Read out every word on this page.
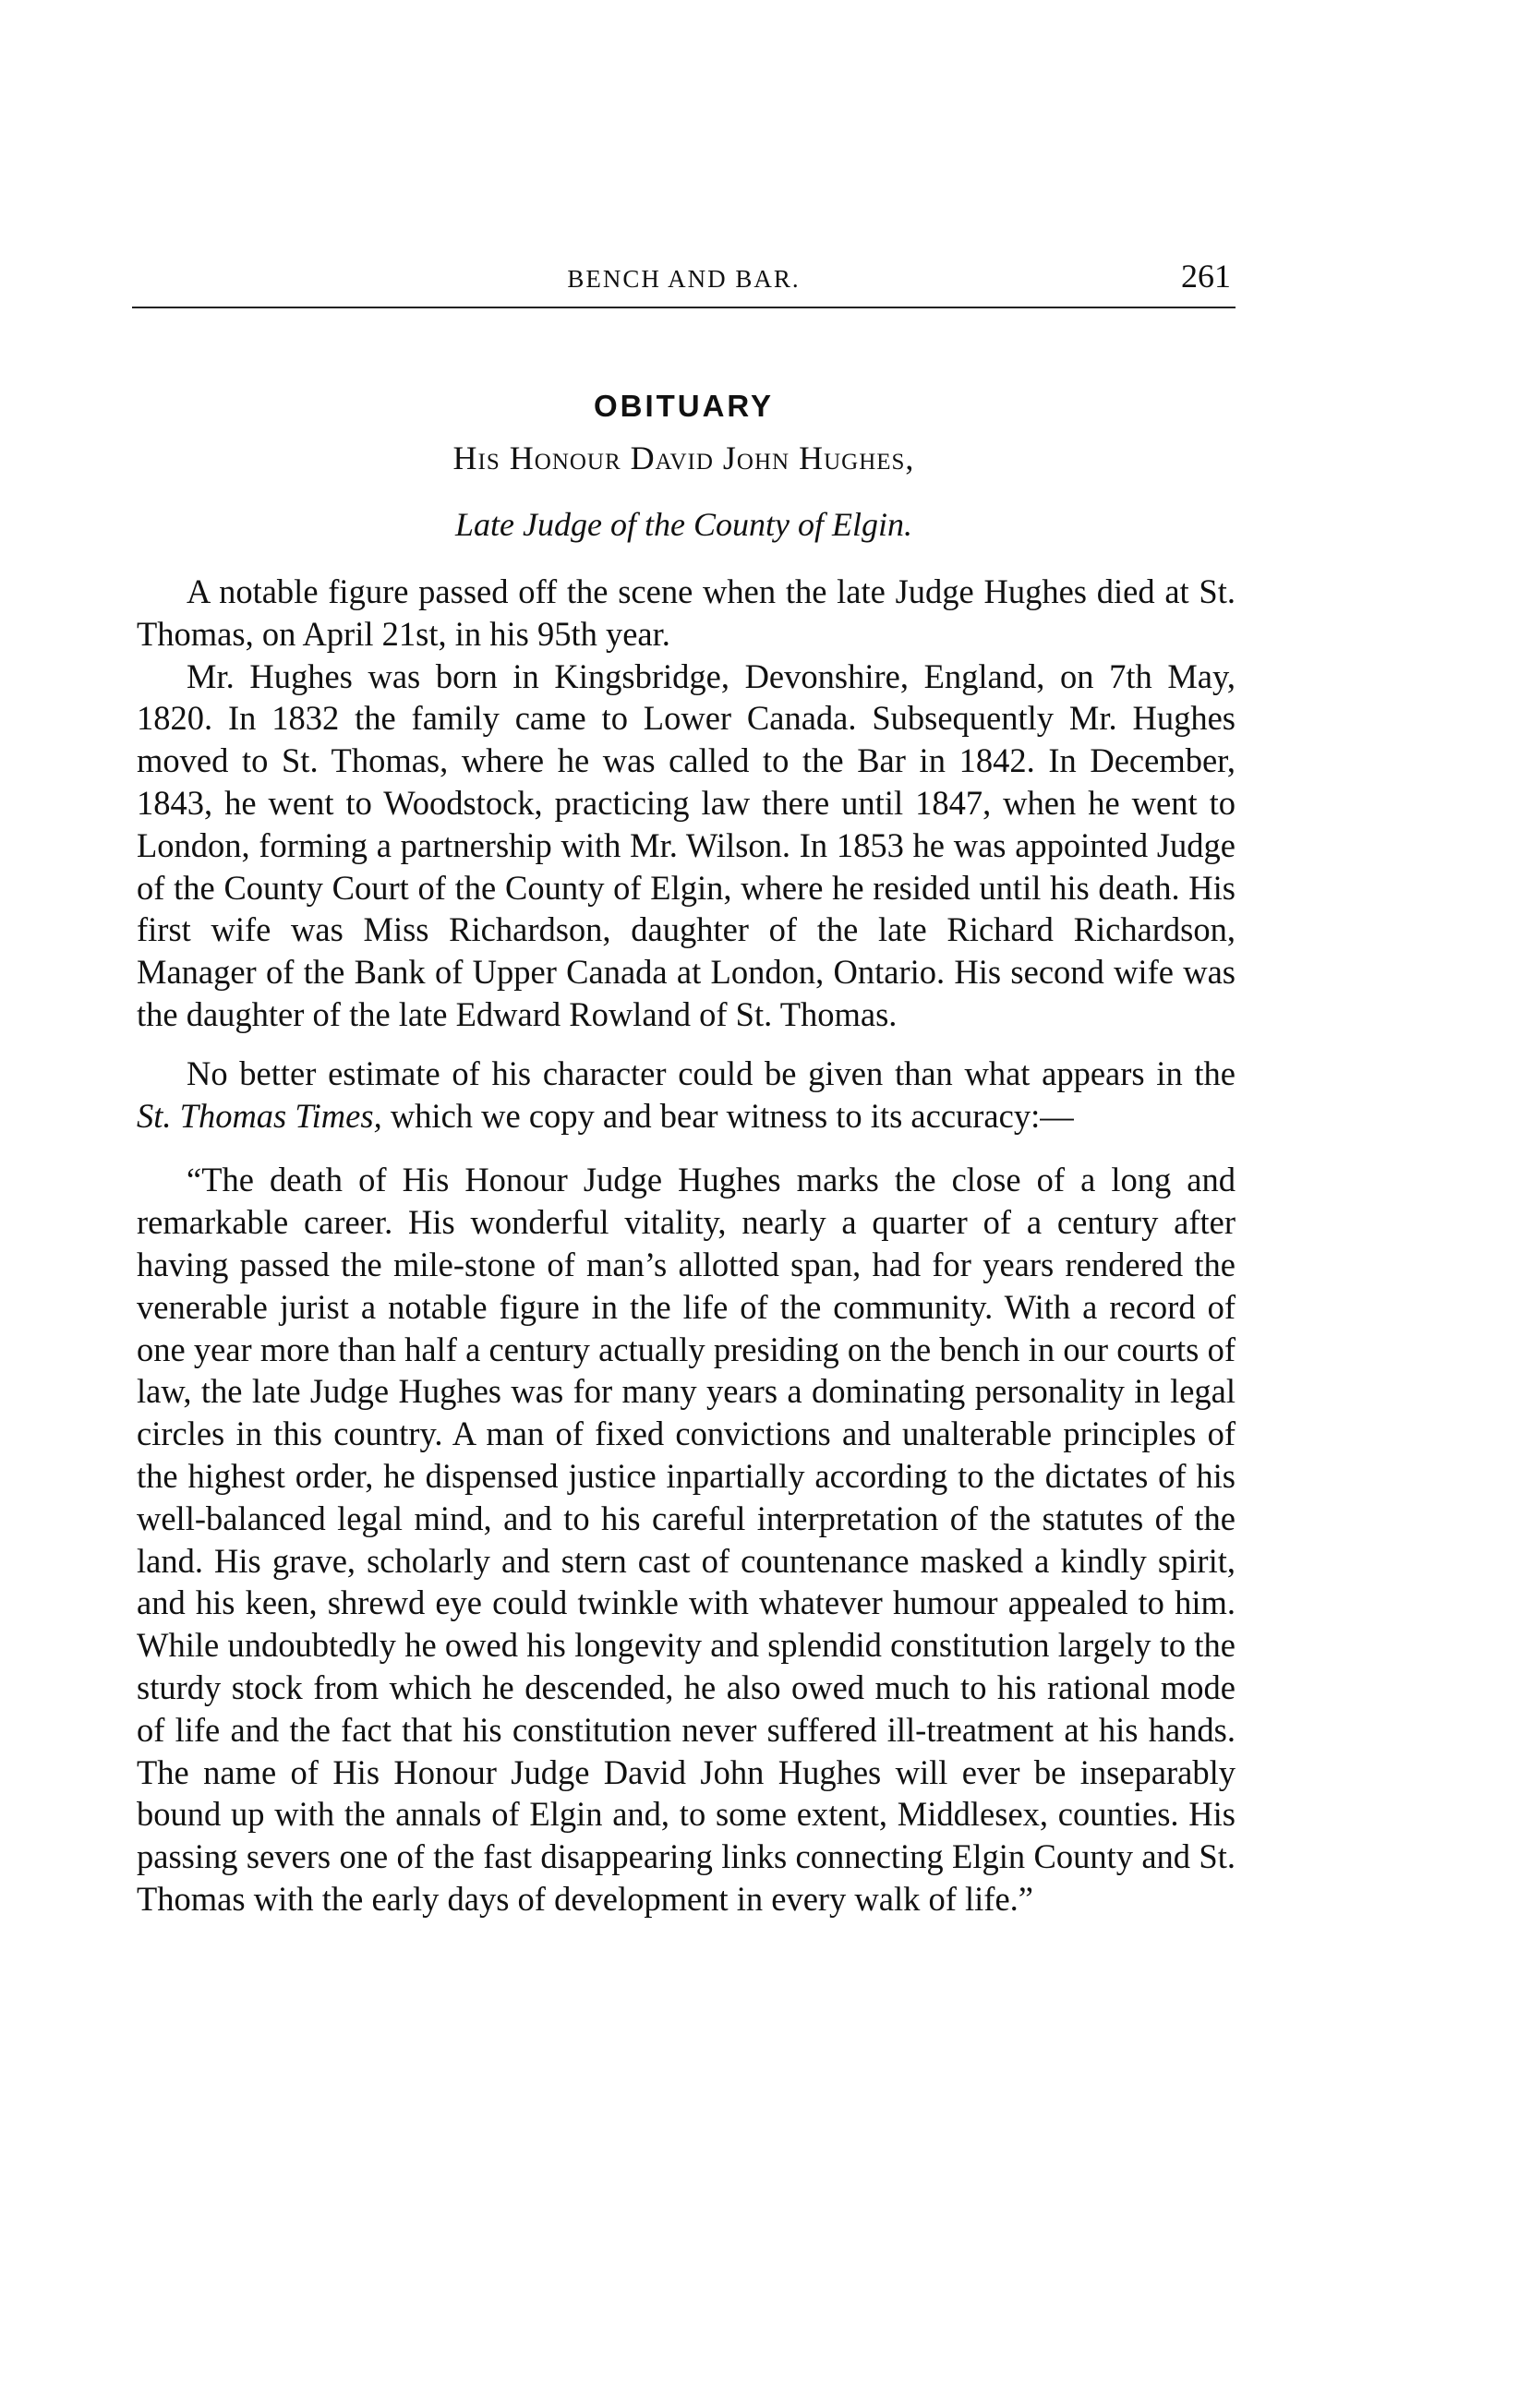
BENCH AND BAR.	261
OBITUARY
His Honour David John Hughes,
Late Judge of the County of Elgin.

A notable figure passed off the scene when the late Judge Hughes died at St. Thomas, on April 21st, in his 95th year.

Mr. Hughes was born in Kingsbridge, Devonshire, England, on 7th May, 1820. In 1832 the family came to Lower Canada. Subsequently Mr. Hughes moved to St. Thomas, where he was called to the Bar in 1842. In December, 1843, he went to Woodstock, practicing law there until 1847, when he went to London, forming a partnership with Mr. Wilson. In 1853 he was appointed Judge of the County Court of the County of Elgin, where he resided until his death. His first wife was Miss Richardson, daughter of the late Richard Richardson, Manager of the Bank of Upper Canada at London, Ontario. His second wife was the daughter of the late Edward Rowland of St. Thomas.

No better estimate of his character could be given than what appears in the St. Thomas Times, which we copy and bear witness to its accuracy:—

“The death of His Honour Judge Hughes marks the close of a long and remarkable career. His wonderful vitality, nearly a quarter of a century after having passed the mile-stone of man’s allotted span, had for years rendered the venerable jurist a notable figure in the life of the community. With a record of one year more than half a century actually presiding on the bench in our courts of law, the late Judge Hughes was for many years a dominating personality in legal circles in this country. A man of fixed convictions and unalterable principles of the highest order, he dispensed justice inpartially according to the dictates of his well-balanced legal mind, and to his careful interpretation of the statutes of the land. His grave, scholarly and stern cast of countenance masked a kindly spirit, and his keen, shrewd eye could twinkle with whatever humour appealed to him. While undoubtedly he owed his longevity and splendid constitution largely to the sturdy stock from which he descended, he also owed much to his rational mode of life and the fact that his constitution never suffered ill-treatment at his hands. The name of His Honour Judge David John Hughes will ever be inseparably bound up with the annals of Elgin and, to some extent, Middlesex, counties. His passing severs one of the fast disappearing links connecting Elgin County and St. Thomas with the early days of development in every walk of life.”
